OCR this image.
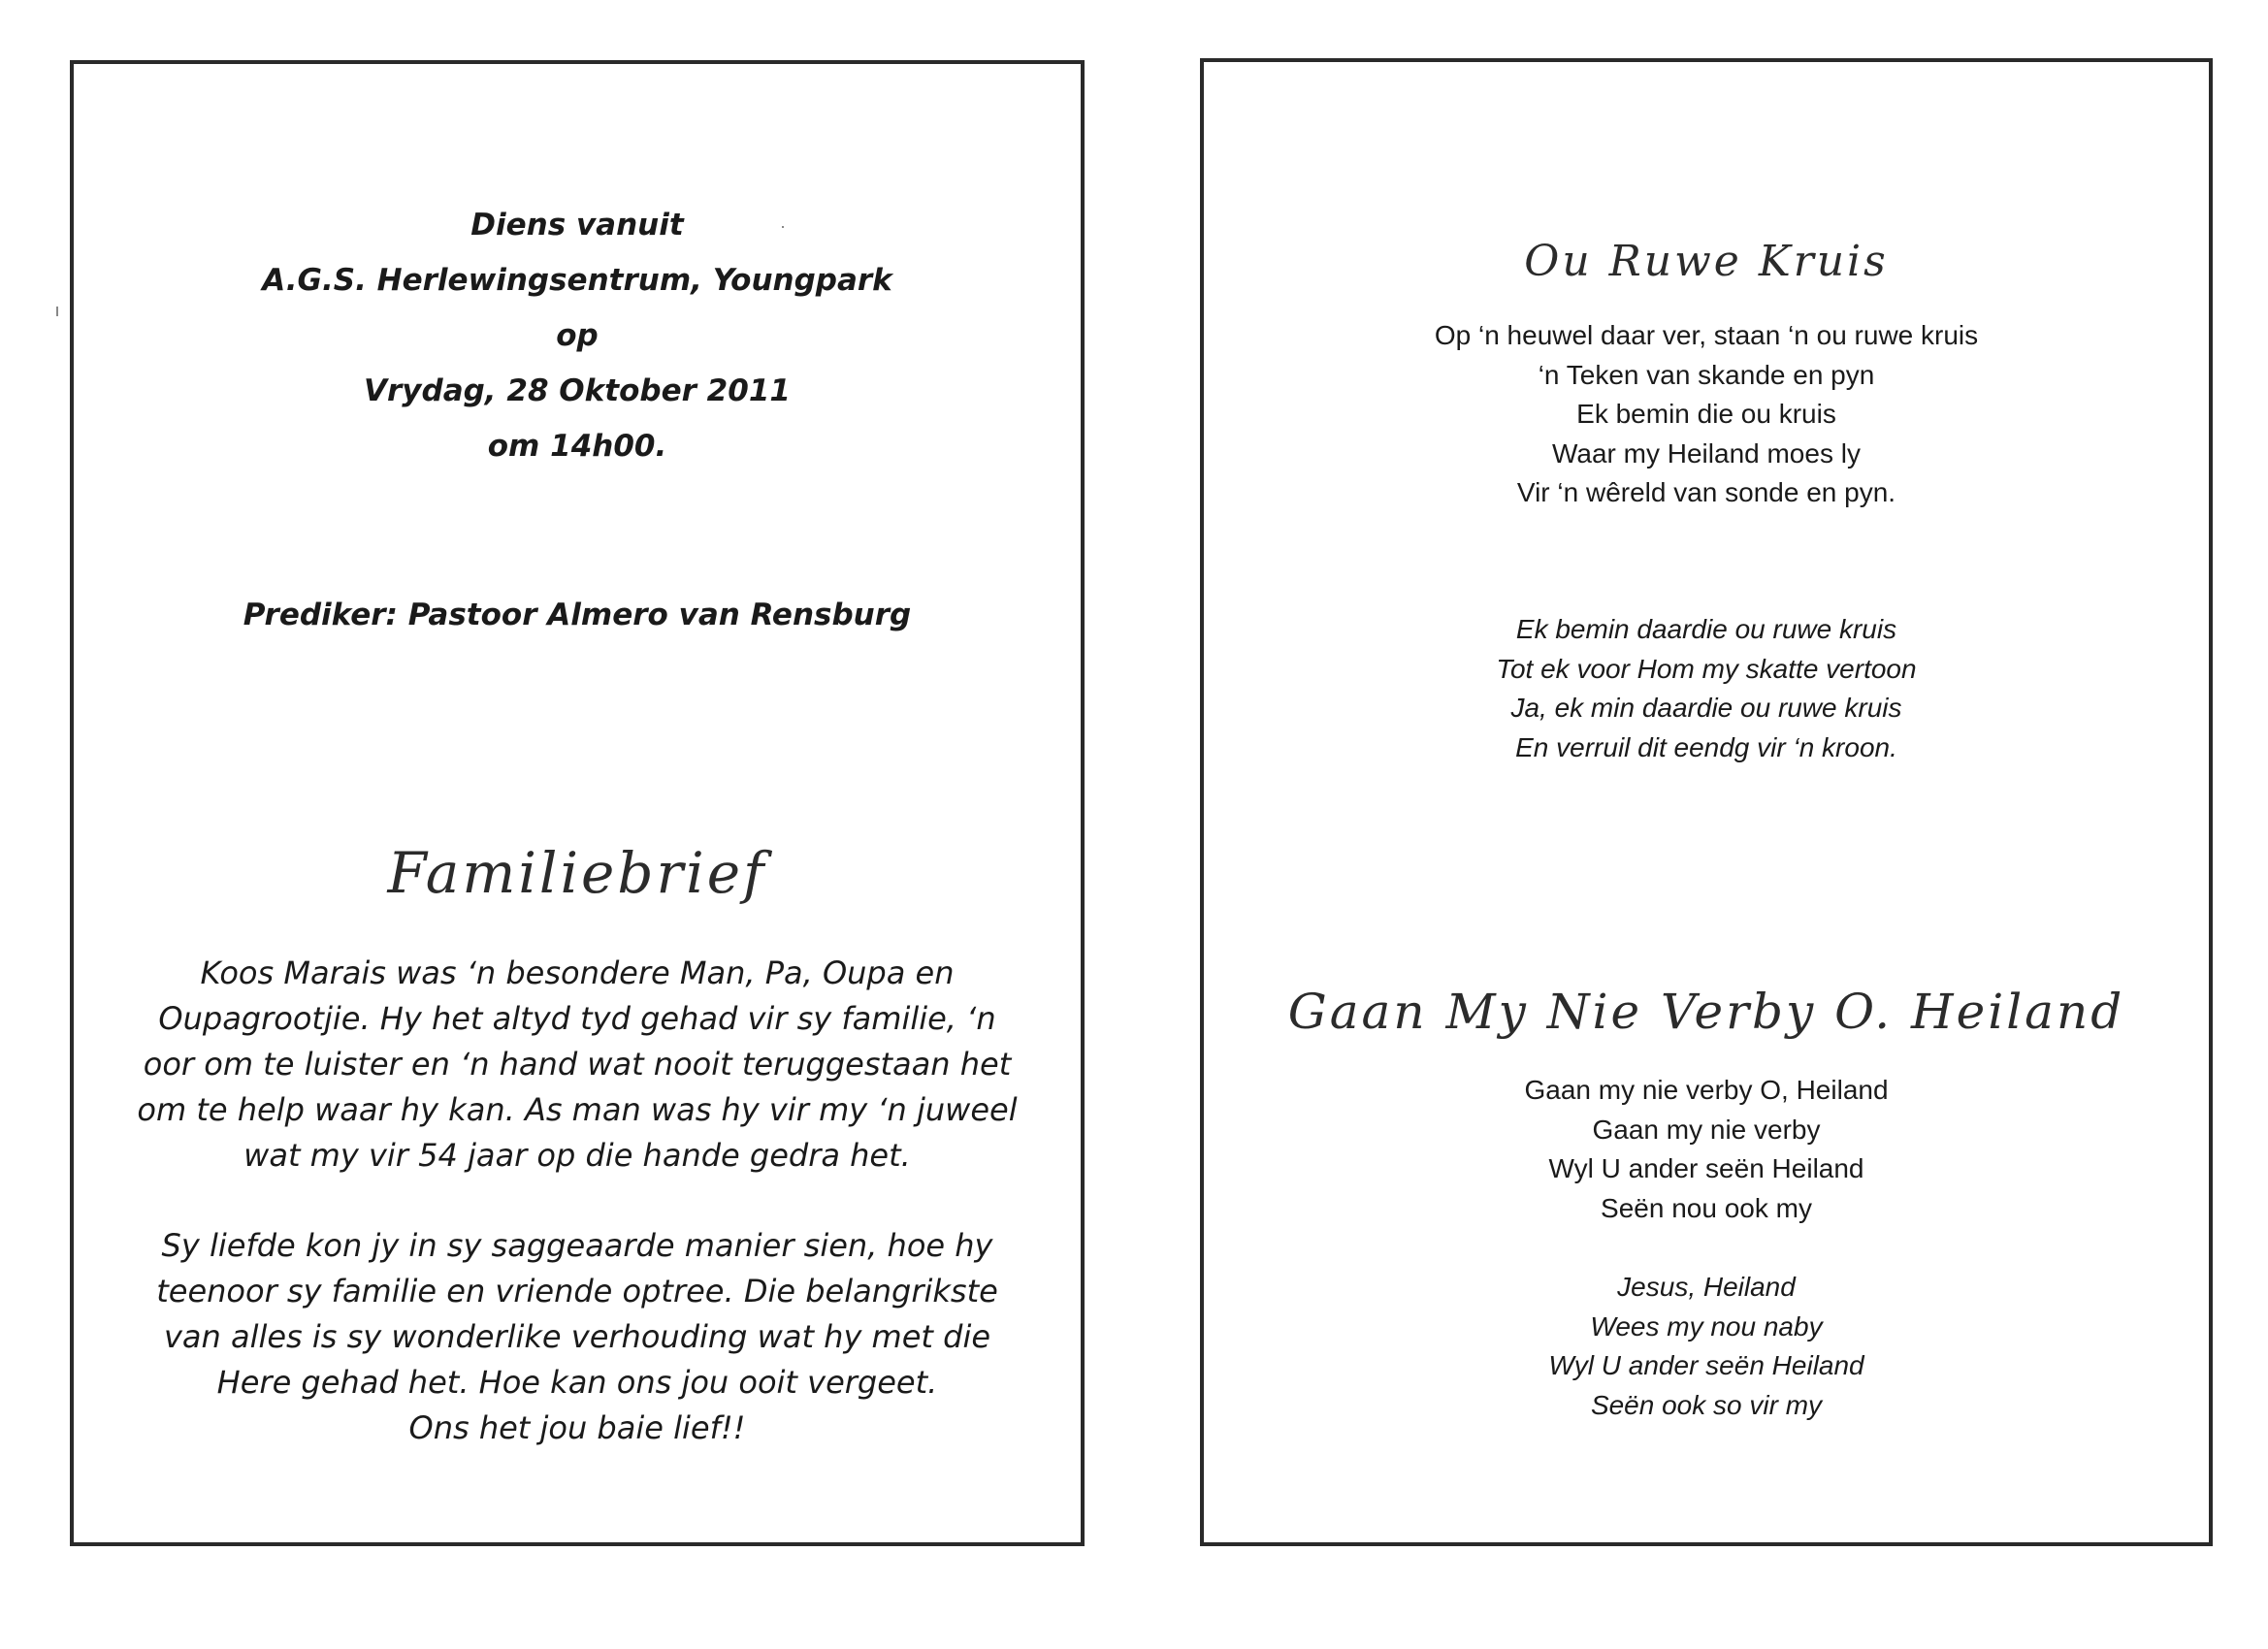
Diens vanuit

A.G.S. Herlewingsentrum, Youngpark

op

Vrydag, 28 Oktober 2011

om 14h00.

Prediker: Pastoor Almero van Rensburg

Familiebrief

Koos Marais was ‘n besondere Man, Pa, Oupa en
Oupagrootjie. Hy het altyd tyd gehad vir sy familie, ‘n
oor om te luister en ‘n hand wat nooit teruggestaan het
om te help waar hy kan. As man was hy vir my ‘n juweel
wat my vir 54 jaar op die hande gedra het.

Sy liefde kon jy in sy saggeaarde manier sien, hoe hy
teenoor sy familie en vriende optree. Die belangrikste
van alles is sy wonderlike verhouding wat hy met die
Here gehad het. Hoe kan ons jou ooit vergeet.
Ons het jou baie lief!!

Ou Ruwe Kruis

Op ‘n heuwel daar ver, staan ‘n ou ruwe kruis
‘n Teken van skande en pyn
Ek bemin die ou kruis
Waar my Heiland moes ly
Vir ‘n wêreld van sonde en pyn.

Ek bemin daardie ou ruwe kruis
Tot ek voor Hom my skatte vertoon
Ja, ek min daardie ou ruwe kruis
En verruil dit eendg vir ‘n kroon.

Gaan My Nie Verby O. Heiland

Gaan my nie verby O, Heiland
Gaan my nie verby
Wyl U ander seën Heiland
Seën nou ook my

Jesus, Heiland
Wees my nou naby
Wyl U ander seën Heiland
Seën ook so vir my
